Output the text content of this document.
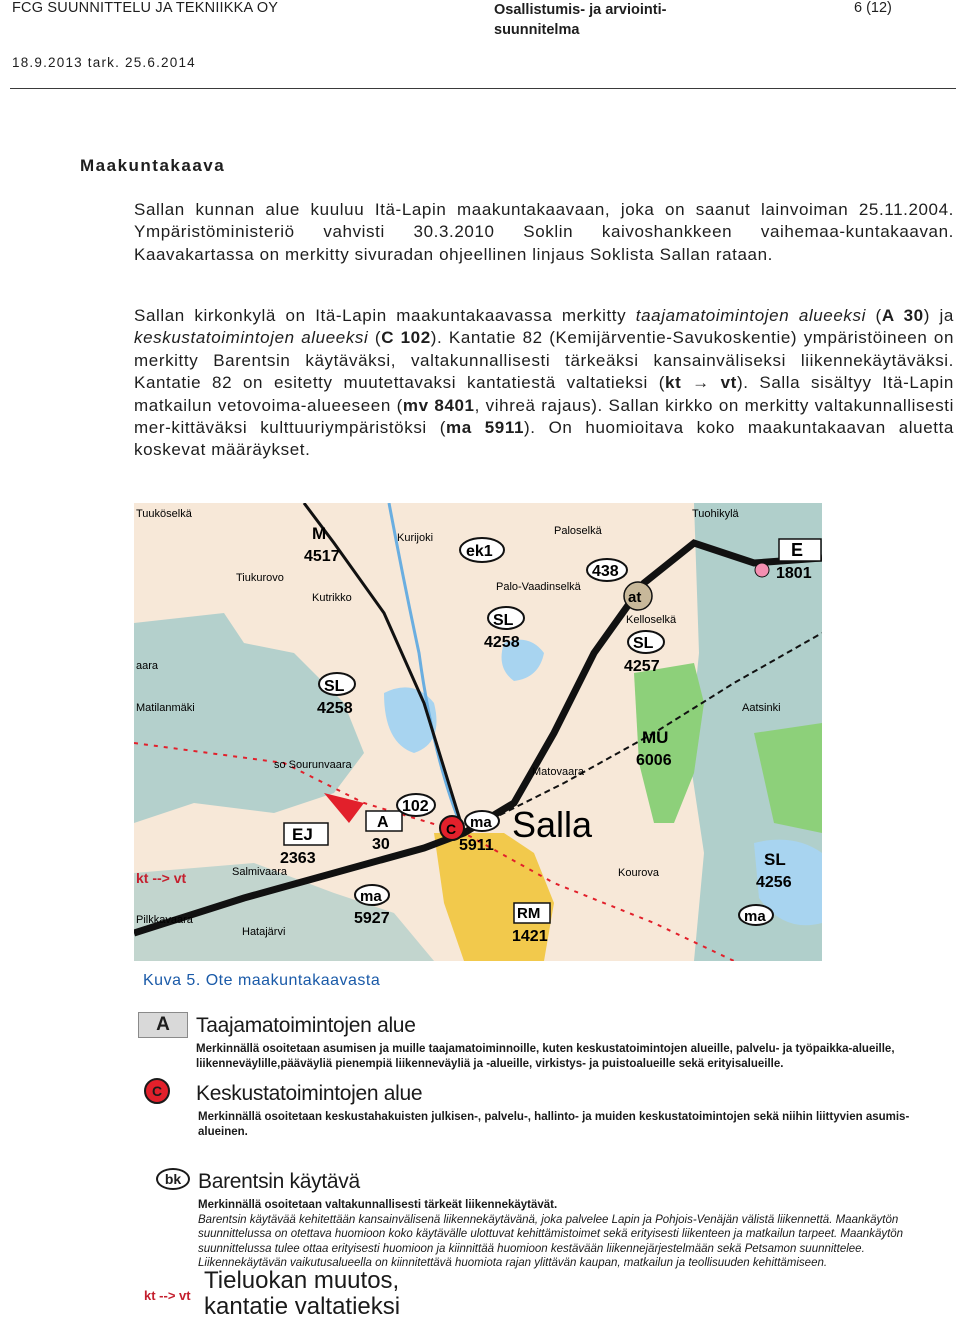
FCG SUUNNITTELU JA TEKNIIKKA OY	Osallistumis- ja arviointi-
suunnitelma
6 (12)
18.9.2013 tark. 25.6.2014
Maakuntakaava
Sallan kunnan alue kuuluu Itä-Lapin maakuntakaavaan, joka on saanut lainvoiman 25.11.2004. Ympäristöministeriö vahvisti 30.3.2010 Soklin kaivoshankkeen vaihemaa-kuntakaavan. Kaavakartassa on merkitty sivuradan ohjeellinen linjaus Soklista Sallan rataan.
Sallan kirkonkylä on Itä-Lapin maakuntakaavassa merkitty taajamatoimintojen alueeksi (A 30) ja keskustatoimintojen alueeksi (C 102). Kantatie 82 (Kemijärventie-Savukoskentie) ympäristöineen on merkitty Barentsin käytäväksi, valtakunnallisesti tärkeäksi kansainväliseksi liikennekäytäväksi. Kantatie 82 on esitetty muutettavaksi kantatiestä valtatieksi (kt → vt). Salla sisältyy Itä-Lapin matkailun vetovoima-alueeseen (mv 8401, vihreä rajaus). Sallan kirkko on merkitty valtakunnallisesti mer-kittäväksi kulttuuriympäristöksi (ma 5911). On huomioitava koko maakuntakaavan aluetta koskevat määräykset.
Tuohikylä
Tuuköselkä
M
4517
Kurijoki
ek1
Paloselkä
E
1801
Tiukurovo
Kutrikko
438
at
Palo-Vaadinselkä
Kelloselkä
SL
4258	SL
4257
aara
SL
4258	Aatsinki
Matilanmäki
MU
6006
so Sourunvaara
Matovaara
A
30
102
C ma
5911
Salla
EJ
2363
Salmivaara
kt --> vt
ma
5927
Kourova
RM
1421
Pilkkavaara
Hatajärvi
SL
4256
ma
Kuva 5. Ote maakuntakaavasta
A	Taajamatoimintojen alue
Merkinnällä osoitetaan asumisen ja muille taajamatoiminnoille, kuten keskustatoimintojen alueille, palvelu- ja työpaikka-alueille, liikenneväylille,pääväyliä pienempiä liikenneväyliä ja -alueille, virkistys- ja puistoalueille sekä erityisalueille.
C	Keskustatoimintojen alue
Merkinnällä osoitetaan keskustahakuisten julkisen-, palvelu-, hallinto- ja muiden keskustatoimintojen sekä niihin liittyvien asumis-alueinen.
bk Barentsin käytävä
Merkinnällä osoitetaan valtakunnallisesti tärkeät liikennekäytävät.
Barentsin käytävää kehitettään kansainvälisenä liikennekäytävänä, joka palvelee Lapin ja Pohjois-Venäjän välistä liikennettä. Maankäytön suunnittelussa on otettava huomioon koko käytävälle ulottuvat kehittämistoimet sekä erityisesti liikenteen ja matkailun tarpeet. Maankäytön suunnittelussa tulee ottaa erityisesti huomioon ja kiinnittää huomioon kestävään liikennejärjestelmään sekä Petsamon suunnittelee. Liikennekäytävän vaikutusalueella on kiinnitettävä huomiota rajan ylittävän kaupan, matkailun ja teollisuuden kehittämiseen.
kt --> vt
Tieluokan muutos,
kantatie valtatieksi
